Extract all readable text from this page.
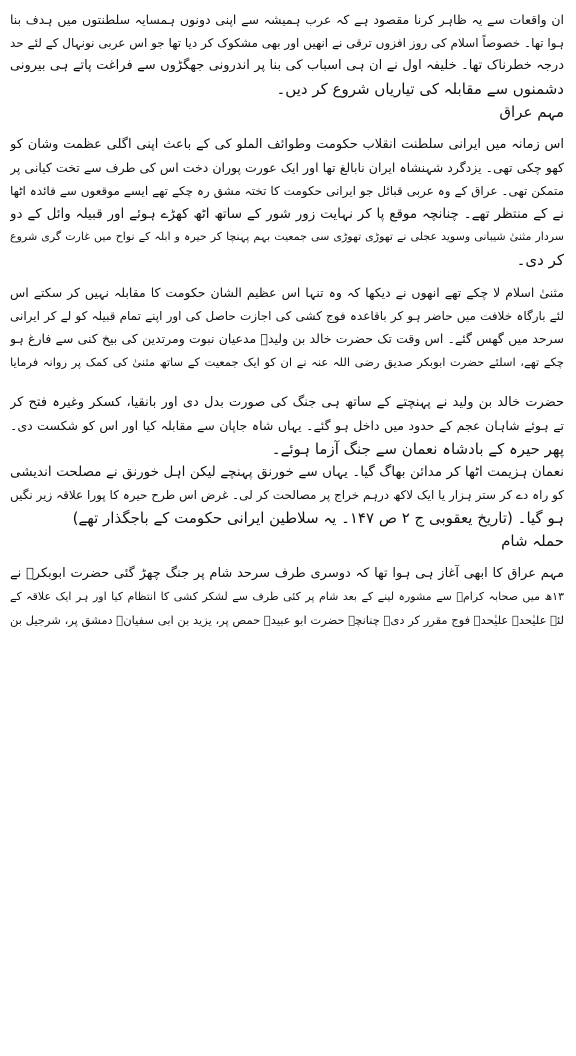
ان واقعات سے یہ ظاہر کرنا مقصود ہے کہ عرب ہمیشہ سے اپنی دونوں ہمسایہ سلطنتوں میں ہدف بنا
ہوا تھا۔ خصوصاً اسلام کی روز افزوں ترقی نے انھیں اور بھی مشکوک کر دیا تھا جو اس عربی نونہال کے لئے حد
درجہ خطرناک تھا۔ خلیفہ اول نے ان ہی اسباب کی بنا پر اندرونی جھگڑوں سے فراغت پاتے ہی بیرونی
دشمنوں سے مقابلہ کی تیاریاں شروع کر دیں۔
مہم عراق
اس زمانہ میں ایرانی سلطنت انقلاب حکومت وطوائف الملو کی کے باعث اپنی اگلی عظمت وشان کو
کھو چکی تھی۔ یزدگرد شہنشاہ ایران نابالغ تھا اور ایک عورت پوران دخت اس کی طرف سے تخت کیانی پر
متمکن تھی۔ عراق کے وہ عربی قبائل جو ایرانی حکومت کا تختہ مشق رہ چکے تھے ایسے موقعوں سے فائدہ اٹھا
نے کے منتظر تھے۔ چنانچہ موقع پا کر نہایت زور شور کے ساتھ اٹھ کھڑے ہوئے اور قبیلہ وائل کے دو
سردار مثنیٰ شیبانی وسوید عجلی نے تھوڑی تھوڑی سی جمعیت بہم پہنچا کر حیرہ و ابلہ کے نواح میں غارت گری شروع
کر دی۔
مثنیٰ اسلام لا چکے تھے انھوں نے دیکھا کہ وہ تنہا اس عظیم الشان حکومت کا مقابلہ نہیں کر سکتے اس
لئے بارگاہ خلافت میں حاضر ہو کر باقاعدہ فوج کشی کی اجازت حاصل کی اور اپنے تمام قبیلہ کو لے کر ایرانی
سرحد میں گھس گئے۔ اس وقت تک حضرت خالد بن ولیدؓ مدعیان نبوت ومرتدین کی بیخ کنی سے فارغ ہو
چکے تھے، اسلئے حضرت ابوبکر صدیق رضی اللہ عنہ نے ان کو ایک جمعیت کے ساتھ مثنیٰ کی کمک پر روانہ فرمایا
حضرت خالد بن ولید نے پہنچتے کے ساتھ ہی جنگ کی صورت بدل دی اور بانقیا، کسکر وغیرہ فتح کر
تے ہوئے شاہان عجم کے حدود میں داخل ہو گئے۔ یہاں شاہ جاپان سے مقابلہ کیا اور اس کو شکست دی۔
پھر حیرہ کے بادشاہ نعمان سے جنگ آزما ہوئے۔
نعمان ہزیمت اٹھا کر مدائن بھاگ گیا۔ یہاں سے خورنق پہنچے لیکن اہل خورنق نے مصلحت اندیشی
کو راہ دے کر ستر ہزار یا ایک لاکھ درہم خراج پر مصالحت کر لی۔ غرض اس طرح حیرہ کا پورا علاقہ زیر نگیں
ہو گیا۔ (تاریخ یعقوبی ج ۲ ص ۱۴۷۔ یہ سلاطین ایرانی حکومت کے باجگذار تھے)
حملہ شام
مہم عراق کا ابھی آغاز ہی ہوا تھا کہ دوسری طرف سرحد شام پر جنگ چھڑ گئی حضرت ابوبکرؓ نے
۱۳ھ میں صحابہ کرامؓ سے مشورہ لینے کے بعد شام پر کئی طرف سے لشکر کشی کا انتظام کیا اور ہر ایک علاقہ کے
لئے علیٰحدہ علیٰحدہ فوج مقرر کر دی۔ چنانچہ حضرت ابو عبیدہ حمص پر، یزید بن ابی سفیانؓ دمشق پر، شرجیل بن
